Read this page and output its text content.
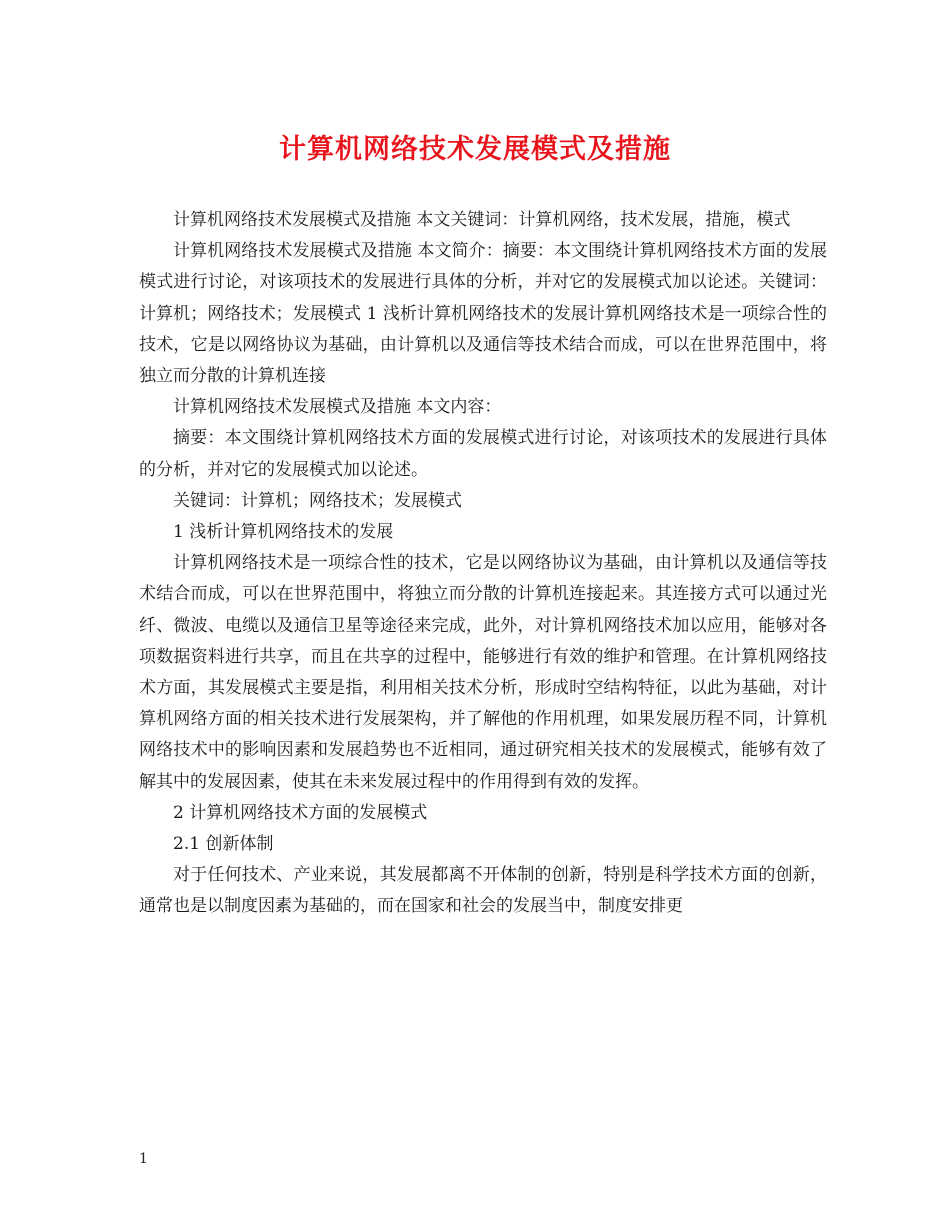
计算机网络技术发展模式及措施

计算机网络技术发展模式及措施 本文关键词：计算机网络，技术发展，措施，模式

计算机网络技术发展模式及措施 本文简介：摘要：本文围绕计算机网络技术方面的发展模式进行讨论，对该项技术的发展进行具体的分析，并对它的发展模式加以论述。关键词：计算机；网络技术；发展模式 1 浅析计算机网络技术的发展计算机网络技术是一项综合性的技术，它是以网络协议为基础，由计算机以及通信等技术结合而成，可以在世界范围中，将独立而分散的计算机连接

计算机网络技术发展模式及措施 本文内容：

摘要：本文围绕计算机网络技术方面的发展模式进行讨论，对该项技术的发展进行具体的分析，并对它的发展模式加以论述。

关键词：计算机；网络技术；发展模式

1 浅析计算机网络技术的发展

计算机网络技术是一项综合性的技术，它是以网络协议为基础，由计算机以及通信等技术结合而成，可以在世界范围中，将独立而分散的计算机连接起来。其连接方式可以通过光纤、微波、电缆以及通信卫星等途径来完成，此外，对计算机网络技术加以应用，能够对各项数据资料进行共享，而且在共享的过程中，能够进行有效的维护和管理。在计算机网络技术方面，其发展模式主要是指，利用相关技术分析，形成时空结构特征，以此为基础，对计算机网络方面的相关技术进行发展架构，并了解他的作用机理，如果发展历程不同，计算机网络技术中的影响因素和发展趋势也不近相同，通过研究相关技术的发展模式，能够有效了解其中的发展因素，使其在未来发展过程中的作用得到有效的发挥。

2 计算机网络技术方面的发展模式

2.1 创新体制

对于任何技术、产业来说，其发展都离不开体制的创新，特别是科学技术方面的创新，通常也是以制度因素为基础的，而在国家和社会的发展当中，制度安排更

1
